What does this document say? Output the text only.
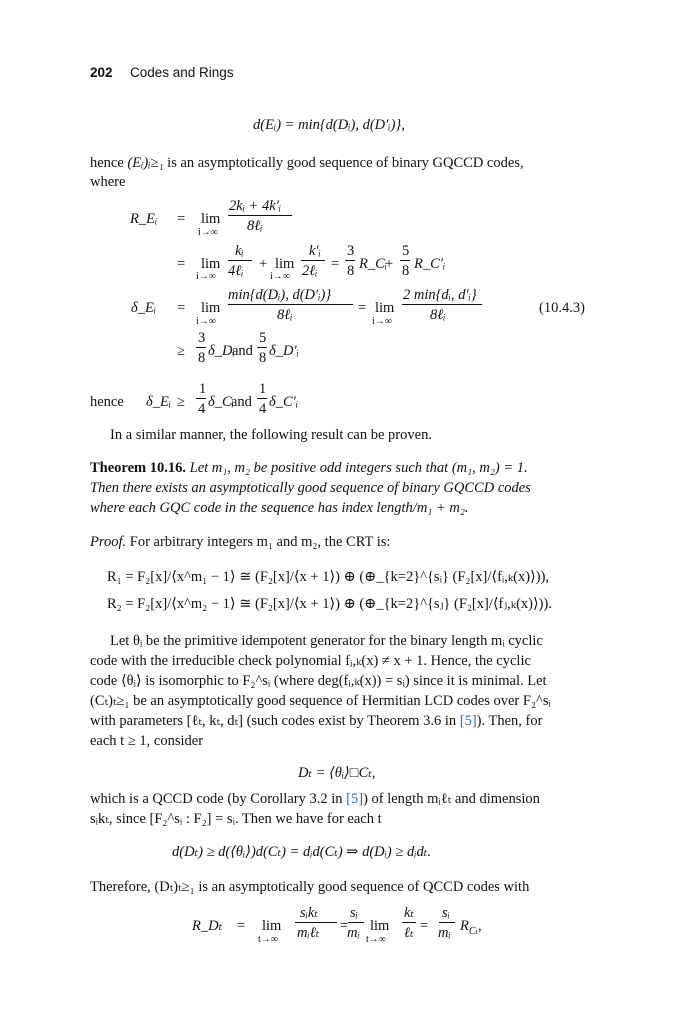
202 Codes and Rings
d(Eᵢ) = min{d(Dᵢ), d(D′ᵢ)},
hence (Eᵢ)ᵢ≥₁ is an asymptotically good sequence of binary GQCCD codes,
where
R_Eᵢ = lim
i→∞
2kᵢ + 4k′ᵢ
8ℓᵢ
= lim
i→∞
kᵢ
4ℓᵢ + lim
i→∞
k′ᵢ
2ℓᵢ =
3
8 R_Cᵢ
+
5
8 R_C′ᵢ
δ_Eᵢ = lim
i→∞
min{d(Dᵢ), d(D′ᵢ)}
8ℓᵢ	= lim
i→∞
2 min{dᵢ, d′ᵢ}
8ℓᵢ	(10.4.3)
≥
3
8 δ_Dᵢ
and
5
8 δ_D′ᵢ
hence δ_Eᵢ ≥
1
4 δ_Cᵢ
and
1
4 δ_C′ᵢ
In a similar manner, the following result can be proven.
Theorem 10.16. Let m₁, m₂ be positive odd integers such that (m₁, m₂) = 1.
Then there exists an asymptotically good sequence of binary GQCCD codes
where each GQC code in the sequence has index length/m₁ + m₂.
Proof. For arbitrary integers m₁ and m₂, the CRT is:
R₁ = F₂[x]/⟨x^m₁ − 1⟩ ≅ (F₂[x]/⟨x + 1⟩) ⊕ (⊕_{k=2}^{sᵢ} (F₂[x]/⟨fᵢ,ₖ(x)⟩)),
R₂ = F₂[x]/⟨x^m₂ − 1⟩ ≅ (F₂[x]/⟨x + 1⟩) ⊕ (⊕_{k=2}^{sⱼ} (F₂[x]/⟨fⱼ,ₖ(x)⟩)).
Let θᵢ be the primitive idempotent generator for the binary length mᵢ cyclic
code with the irreducible check polynomial fᵢ,ₖ(x) ≠ x + 1. Hence, the cyclic
code ⟨θᵢ⟩ is isomorphic to F₂^sᵢ (where deg(fᵢ,ₖ(x)) = sᵢ) since it is minimal. Let
(Cₜ)ₜ≥₁ be an asymptotically good sequence of Hermitian LCD codes over F₂^sᵢ
with parameters [ℓₜ, kₜ, dₜ] (such codes exist by Theorem 3.6 in [5]). Then, for
each t ≥ 1, consider
Dₜ = ⟨θᵢ⟩□Cₜ,
which is a QCCD code (by Corollary 3.2 in [5]) of length mᵢℓₜ and dimension
sᵢkₜ, since [F₂^sᵢ : F₂] = sᵢ. Then we have for each t
d(Dₜ) ≥ d(⟨θᵢ⟩)d(Cₜ) = dᵢd(Cₜ) ⇒ d(Dᵢ) ≥ dᵢdₜ.
Therefore, (Dₜ)ₜ≥₁ is an asymptotically good sequence of QCCD codes with
R_Dₜ = lim
t→∞
sᵢkₜ
mᵢℓₜ =
sᵢ
mᵢ lim
t→∞
kₜ
ℓₜ =
sᵢ
mᵢ $R_{C_t}$,
